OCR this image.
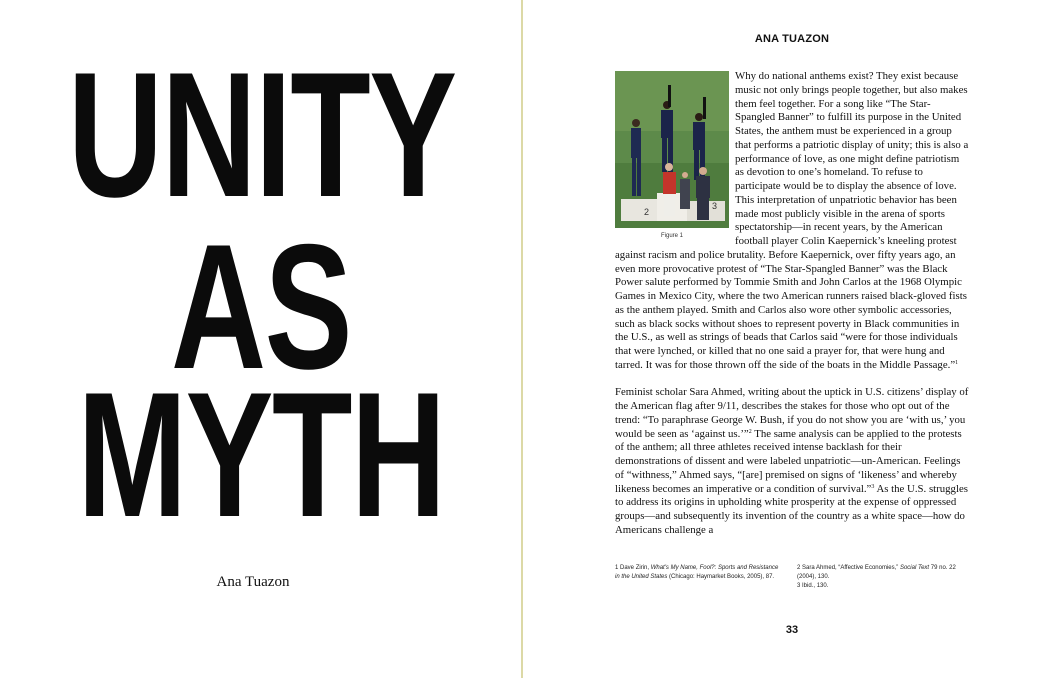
UNITY
AS
MYTH
Ana Tuazon
ANA TUAZON

2
3
Figure 1
Why do national anthems exist? They exist because music not only brings people together, but also makes them feel together. For a song like “The Star-Spangled Banner” to fulfill its purpose in the United States, the anthem must be experienced in a group that performs a patriotic display of unity; this is also a performance of love, as one might define patriotism as devotion to one’s homeland. To refuse to participate would be to display the absence of love. This interpretation of unpatriotic behavior has been made most publicly visible in the arena of sports spectatorship—in recent years, by the American football player Colin Kaepernick’s kneeling protest against racism and police brutality. Before Kaepernick, over fifty years ago, an even more provocative protest of “The Star-Spangled Banner” was the Black Power salute performed by Tommie Smith and John Carlos at the 1968 Olympic Games in Mexico City, where the two American runners raised black-gloved fists as the anthem played. Smith and Carlos also wore other symbolic accessories, such as black socks without shoes to represent poverty in Black communities in the U.S., as well as strings of beads that Carlos said “were for those individuals that were lynched, or killed that no one said a prayer for, that were hung and tarred. It was for those thrown off the side of the boats in the Middle Passage.”$^1$

Feminist scholar Sara Ahmed, writing about the uptick in U.S. citizens’ display of the American flag after 9/11, describes the stakes for those who opt out of the trend: “To paraphrase George W. Bush, if you do not show you are ‘with us,’ you would be seen as ‘against us.’”$^2$ The same analysis can be applied to the protests of the anthem; all three athletes received intense backlash for their demonstrations of dissent and were labeled unpatriotic—un-American. Feelings of “withness,” Ahmed says, “[are] premised on signs of ‘likeness’ and whereby likeness becomes an imperative or a condition of survival.”$^3$ As the U.S. struggles to address its origins in upholding white prosperity at the expense of oppressed groups—and subsequently its invention of the country as a white space—how do Americans challenge a

1 Dave Zirin, What’s My Name, Fool?: Sports and Resistance in the United States (Chicago: Haymarket Books, 2005), 87.
2 Sara Ahmed, “Affective Economies,” Social Text 79 no. 22 (2004), 130.
3 Ibid., 130.
33
